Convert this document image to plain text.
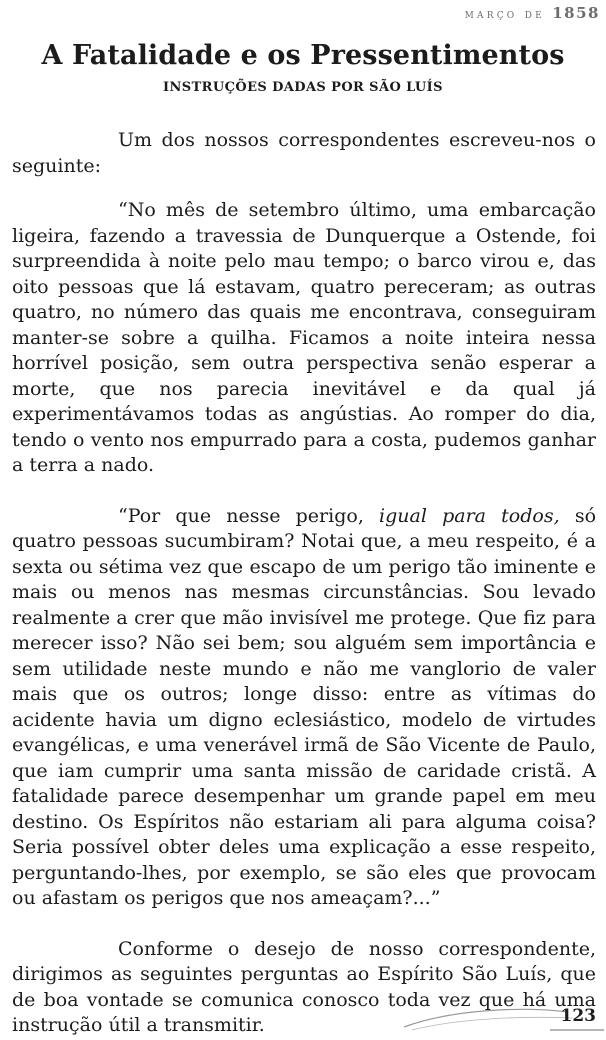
março de 1858
A Fatalidade e os Pressentimentos
INSTRUÇÕES DADAS POR SÃO LUÍS

Um dos nossos correspondentes escreveu-nos o seguinte:

“No mês de setembro último, uma embarcação ligeira, fazendo a travessia de Dunquerque a Ostende, foi surpreendida à noite pelo mau tempo; o barco virou e, das oito pessoas que lá estavam, quatro pereceram; as outras quatro, no número das quais me encontrava, conseguiram manter-se sobre a quilha. Ficamos a noite inteira nessa horrível posição, sem outra perspectiva senão esperar a morte, que nos parecia inevitável e da qual já experimentávamos todas as angústias. Ao romper do dia, tendo o vento nos empurrado para a costa, pudemos ganhar a terra a nado.

“Por que nesse perigo, igual para todos, só quatro pessoas sucumbiram? Notai que, a meu respeito, é a sexta ou sétima vez que escapo de um perigo tão iminente e mais ou menos nas mesmas circunstâncias. Sou levado realmente a crer que mão invisível me protege. Que fiz para merecer isso? Não sei bem; sou alguém sem importância e sem utilidade neste mundo e não me vanglorio de valer mais que os outros; longe disso: entre as vítimas do acidente havia um digno eclesiástico, modelo de virtudes evangélicas, e uma venerável irmã de São Vicente de Paulo, que iam cumprir uma santa missão de caridade cristã. A fatalidade parece desempenhar um grande papel em meu destino. Os Espíritos não estariam ali para alguma coisa? Seria possível obter deles uma explicação a esse respeito, perguntando-lhes, por exemplo, se são eles que provocam ou afastam os perigos que nos ameaçam?...”

Conforme o desejo de nosso correspondente, dirigimos as seguintes perguntas ao Espírito São Luís, que de boa vontade se comunica conosco toda vez que há uma instrução útil a transmitir.	123
